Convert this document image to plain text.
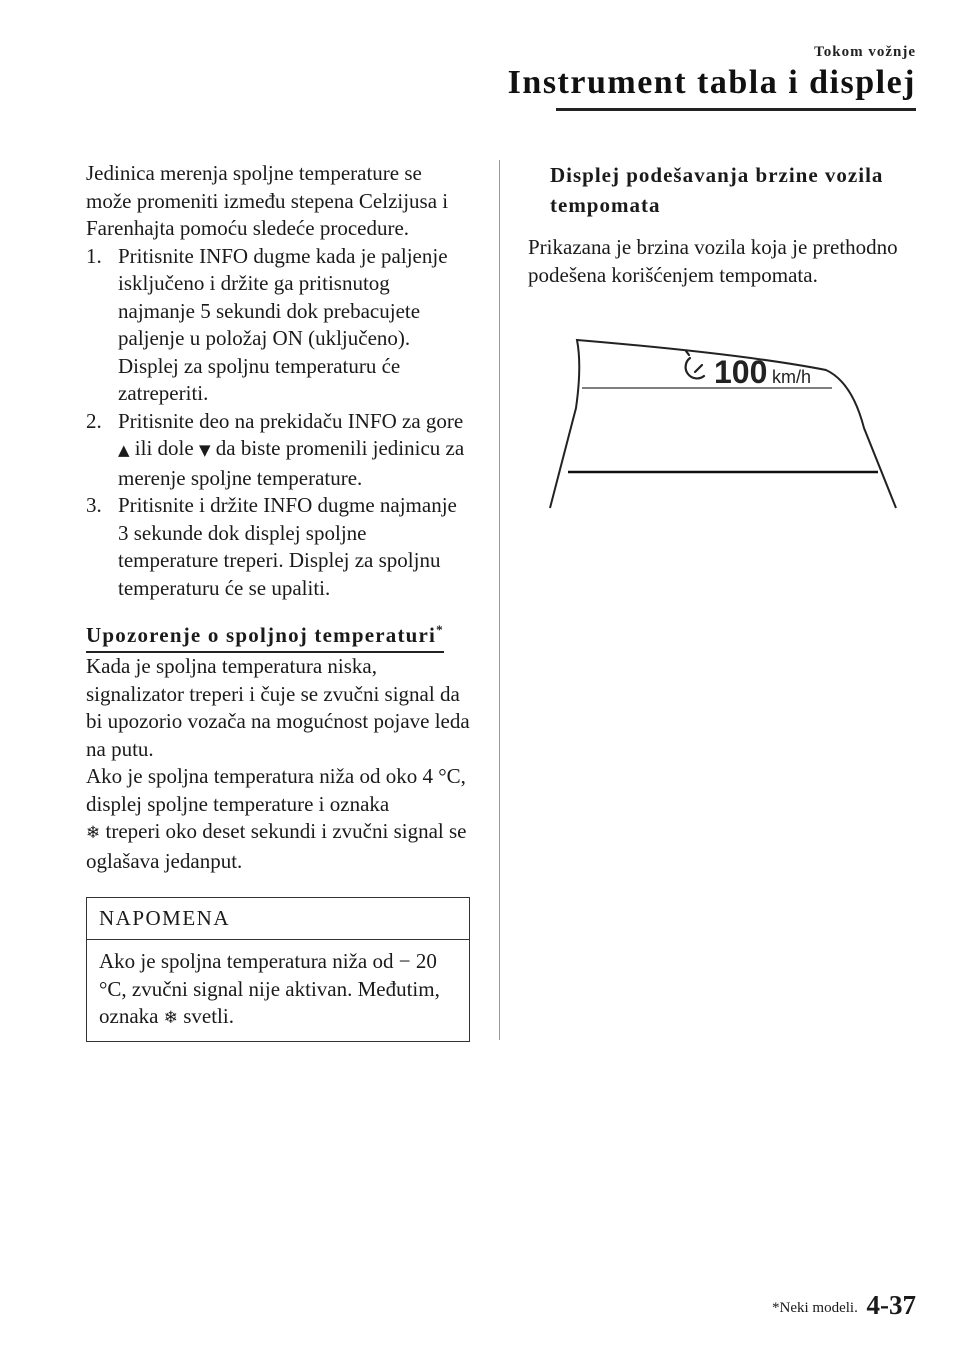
Tokom vožnje
Instrument tabla i displej

Jedinica merenja spoljne temperature se može promeniti između stepena Celzijusa i Farenhajta pomoću sledeće procedure.

1. Pritisnite INFO dugme kada je paljenje isključeno i držite ga pritisnutog najmanje 5 sekundi dok prebacujete paljenje u položaj ON (uključeno). Displej za spoljnu temperaturu će zatreperiti.
2. Pritisnite deo na prekidaču INFO za gore ▲ ili dole ▼ da biste promenili jedinicu za merenje spoljne temperature.
3. Pritisnite i držite INFO dugme najmanje 3 sekunde dok displej spoljne temperature treperi. Displej za spoljnu temperaturu će se upaliti.
Upozorenje o spoljnoj temperaturi*

Kada je spoljna temperatura niska, signalizator treperi i čuje se zvučni signal da bi upozorio vozača na mogućnost pojave leda na putu.
Ako je spoljna temperatura niža od oko 4 °C, displej spoljne temperature i oznaka
❄ treperi oko deset sekundi i zvučni signal se oglašava jedanput.

NAPOMENA
Ako je spoljna temperatura niža od − 20 °C, zvučni signal nije aktivan. Međutim, oznaka ❄ svetli.
Displej podešavanja brzine vozila tempomata

Prikazana je brzina vozila koja je prethodno podešena korišćenjem tempomata.

100 km/h
*Neki modeli. 4-37
